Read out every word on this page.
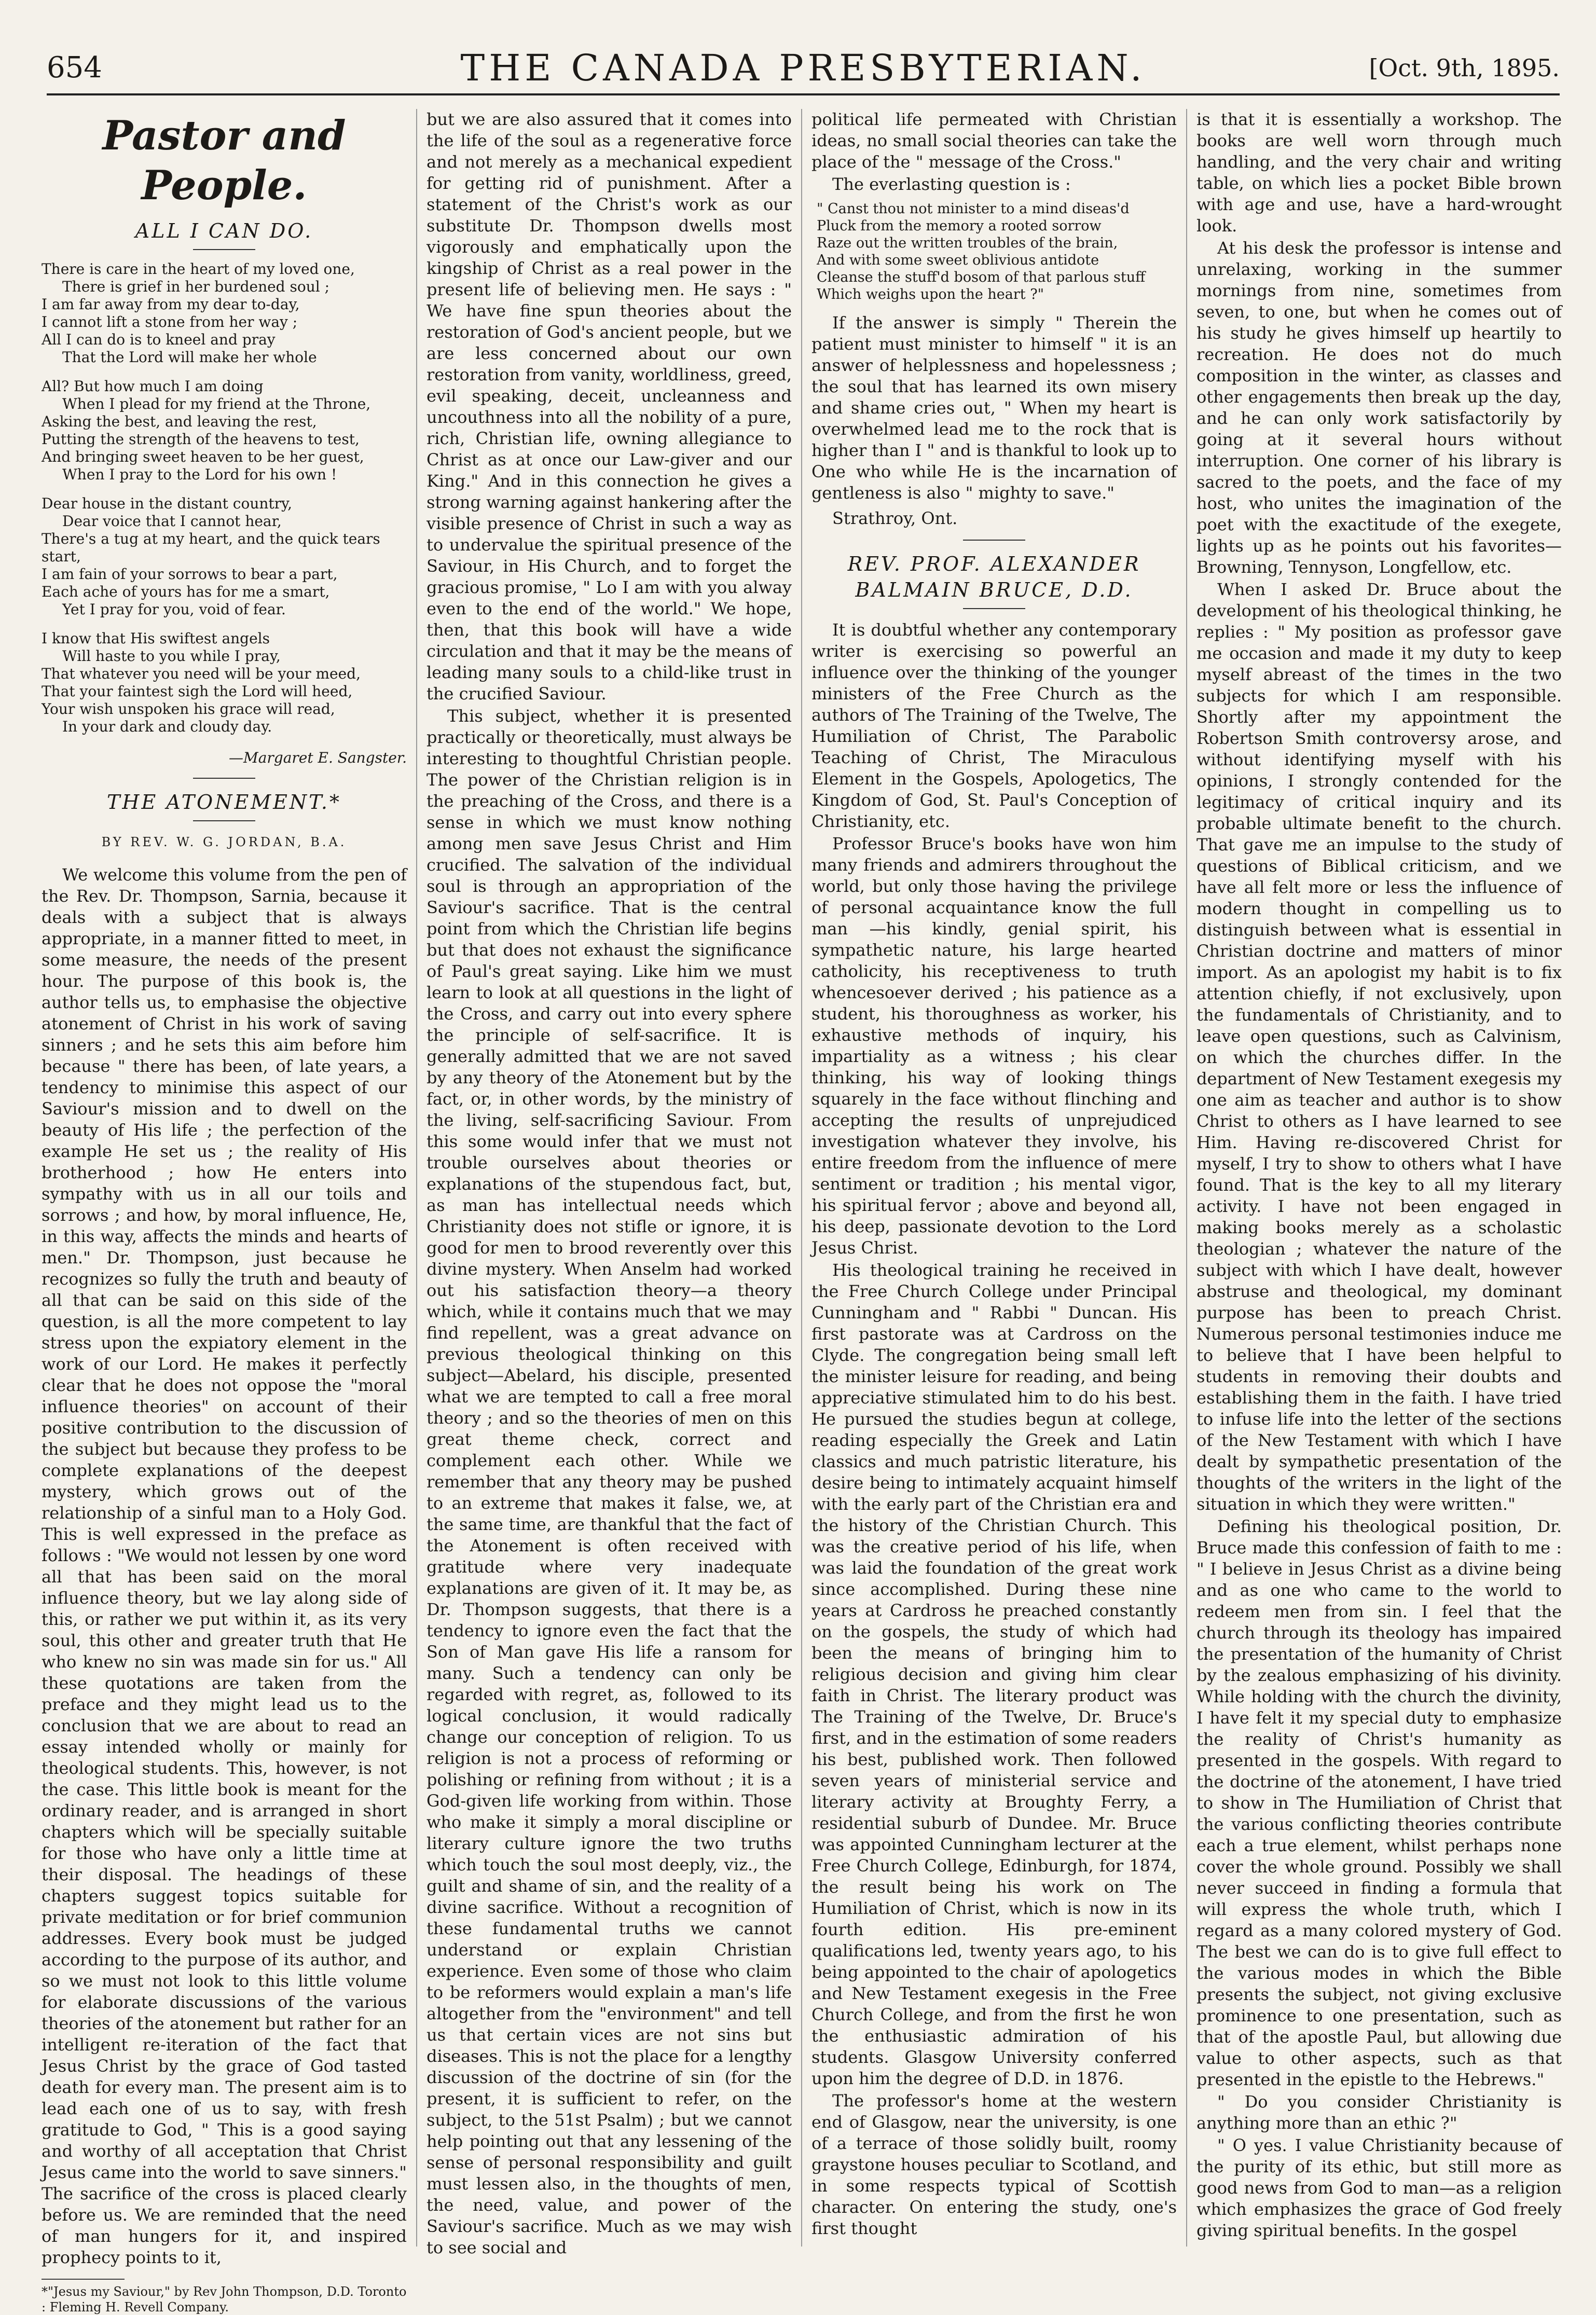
654	THE CANADA PRESBYTERIAN.	[Oct. 9th, 1895.
Pastor and People.
ALL I CAN DO.
There is care in the heart of my loved one,
There is grief in her burdened soul ;
I am far away from my dear to-day,
I cannot lift a stone from her way ;
All I can do is to kneel and pray
That the Lord will make her whole
All? But how much I am doing
When I plead for my friend at the Throne,
Asking the best, and leaving the rest,
Putting the strength of the heavens to test,
And bringing sweet heaven to be her guest,
When I pray to the Lord for his own !
Dear house in the distant country,
Dear voice that I cannot hear,
There's a tug at my heart, and the quick tears start,
I am fain of your sorrows to bear a part,
Each ache of yours has for me a smart,
Yet I pray for you, void of fear.
I know that His swiftest angels
Will haste to you while I pray,
That whatever you need will be your meed,
That your faintest sigh the Lord will heed,
Your wish unspoken his grace will read,
In your dark and cloudy day.
—Margaret E. Sangster.
THE ATONEMENT.*
BY REV. W. G. JORDAN, B.A.

We welcome this volume from the pen of the Rev. Dr. Thompson, Sarnia, because it deals with a subject that is always appropriate, in a manner fitted to meet, in some measure, the needs of the present hour. The purpose of this book is, the author tells us, to emphasise the objective atonement of Christ in his work of saving sinners ; and he sets this aim before him because " there has been, of late years, a tendency to minimise this aspect of our Saviour's mission and to dwell on the beauty of His life ; the perfection of the example He set us ; the reality of His brotherhood ; how He enters into sympathy with us in all our toils and sorrows ; and how, by moral influence, He, in this way, affects the minds and hearts of men." Dr. Thompson, just because he recognizes so fully the truth and beauty of all that can be said on this side of the question, is all the more competent to lay stress upon the expiatory element in the work of our Lord. He makes it perfectly clear that he does not oppose the "moral influence theories" on account of their positive contribution to the discussion of the subject but because they profess to be complete explanations of the deepest mystery, which grows out of the relationship of a sinful man to a Holy God. This is well expressed in the preface as follows : "We would not lessen by one word all that has been said on the moral influence theory, but we lay along side of this, or rather we put within it, as its very soul, this other and greater truth that He who knew no sin was made sin for us." All these quotations are taken from the preface and they might lead us to the conclusion that we are about to read an essay intended wholly or mainly for theological students. This, however, is not the case. This little book is meant for the ordinary reader, and is arranged in short chapters which will be specially suitable for those who have only a little time at their disposal. The headings of these chapters suggest topics suitable for private meditation or for brief communion addresses. Every book must be judged according to the purpose of its author, and so we must not look to this little volume for elaborate discussions of the various theories of the atonement but rather for an intelligent re-iteration of the fact that Jesus Christ by the grace of God tasted death for every man. The present aim is to lead each one of us to say, with fresh gratitude to God, " This is a good saying and worthy of all acceptation that Christ Jesus came into the world to save sinners." The sacrifice of the cross is placed clearly before us. We are reminded that the need of man hungers for it, and inspired prophecy points to it,

*"Jesus my Saviour," by Rev John Thompson, D.D. Toronto : Fleming H. Revell Company.

but we are also assured that it comes into the life of the soul as a regenerative force and not merely as a mechanical expedient for getting rid of punishment. After a statement of the Christ's work as our substitute Dr. Thompson dwells most vigorously and emphatically upon the kingship of Christ as a real power in the present life of believing men. He says : " We have fine spun theories about the restoration of God's ancient people, but we are less concerned about our own restoration from vanity, worldliness, greed, evil speaking, deceit, uncleanness and uncouthness into all the nobility of a pure, rich, Christian life, owning allegiance to Christ as at once our Law-giver and our King." And in this connection he gives a strong warning against hankering after the visible presence of Christ in such a way as to undervalue the spiritual presence of the Saviour, in His Church, and to forget the gracious promise, " Lo I am with you alway even to the end of the world." We hope, then, that this book will have a wide circulation and that it may be the means of leading many souls to a child-like trust in the crucified Saviour.

This subject, whether it is presented practically or theoretically, must always be interesting to thoughtful Christian people. The power of the Christian religion is in the preaching of the Cross, and there is a sense in which we must know nothing among men save Jesus Christ and Him crucified. The salvation of the individual soul is through an appropriation of the Saviour's sacrifice. That is the central point from which the Christian life begins but that does not exhaust the significance of Paul's great saying. Like him we must learn to look at all questions in the light of the Cross, and carry out into every sphere the principle of self-sacrifice. It is generally admitted that we are not saved by any theory of the Atonement but by the fact, or, in other words, by the ministry of the living, self-sacrificing Saviour. From this some would infer that we must not trouble ourselves about theories or explanations of the stupendous fact, but, as man has intellectual needs which Christianity does not stifle or ignore, it is good for men to brood reverently over this divine mystery. When Anselm had worked out his satisfaction theory—a theory which, while it contains much that we may find repellent, was a great advance on previous theological thinking on this subject—Abelard, his disciple, presented what we are tempted to call a free moral theory ; and so the theories of men on this great theme check, correct and complement each other. While we remember that any theory may be pushed to an extreme that makes it false, we, at the same time, are thankful that the fact of the Atonement is often received with gratitude where very inadequate explanations are given of it. It may be, as Dr. Thompson suggests, that there is a tendency to ignore even the fact that the Son of Man gave His life a ransom for many. Such a tendency can only be regarded with regret, as, followed to its logical conclusion, it would radically change our conception of religion. To us religion is not a process of reforming or polishing or refining from without ; it is a God-given life working from within. Those who make it simply a moral discipline or literary culture ignore the two truths which touch the soul most deeply, viz., the guilt and shame of sin, and the reality of a divine sacrifice. Without a recognition of these fundamental truths we cannot understand or explain Christian experience. Even some of those who claim to be reformers would explain a man's life altogether from the "environment" and tell us that certain vices are not sins but diseases. This is not the place for a lengthy discussion of the doctrine of sin (for the present, it is sufficient to refer, on the subject, to the 51st Psalm) ; but we cannot help pointing out that any lessening of the sense of personal responsibility and guilt must lessen also, in the thoughts of men, the need, value, and power of the Saviour's sacrifice. Much as we may wish to see social and

political life permeated with Christian ideas, no small social theories can take the place of the " message of the Cross."

The everlasting question is :

" Canst thou not minister to a mind diseas'd
Pluck from the memory a rooted sorrow
Raze out the written troubles of the brain,
And with some sweet oblivious antidote
Cleanse the stuff'd bosom of that parlous stuff
Which weighs upon the heart ?"

If the answer is simply " Therein the patient must minister to himself " it is an answer of helplessness and hopelessness ; the soul that has learned its own misery and shame cries out, " When my heart is overwhelmed lead me to the rock that is higher than I " and is thankful to look up to One who while He is the incarnation of gentleness is also " mighty to save."

Strathroy, Ont.
REV. PROF. ALEXANDER BALMAIN BRUCE, D.D.

It is doubtful whether any contemporary writer is exercising so powerful an influence over the thinking of the younger ministers of the Free Church as the authors of The Training of the Twelve, The Humiliation of Christ, The Parabolic Teaching of Christ, The Miraculous Element in the Gospels, Apologetics, The Kingdom of God, St. Paul's Conception of Christianity, etc.

Professor Bruce's books have won him many friends and admirers throughout the world, but only those having the privilege of personal acquaintance know the full man —his kindly, genial spirit, his sympathetic nature, his large hearted catholicity, his receptiveness to truth whencesoever derived ; his patience as a student, his thoroughness as worker, his exhaustive methods of inquiry, his impartiality as a witness ; his clear thinking, his way of looking things squarely in the face without flinching and accepting the results of unprejudiced investigation whatever they involve, his entire freedom from the influence of mere sentiment or tradition ; his mental vigor, his spiritual fervor ; above and beyond all, his deep, passionate devotion to the Lord Jesus Christ.

His theological training he received in the Free Church College under Principal Cunningham and " Rabbi " Duncan. His first pastorate was at Cardross on the Clyde. The congregation being small left the minister leisure for reading, and being appreciative stimulated him to do his best. He pursued the studies begun at college, reading especially the Greek and Latin classics and much patristic literature, his desire being to intimately acquaint himself with the early part of the Christian era and the history of the Christian Church. This was the creative period of his life, when was laid the foundation of the great work since accomplished. During these nine years at Cardross he preached constantly on the gospels, the study of which had been the means of bringing him to religious decision and giving him clear faith in Christ. The literary product was The Training of the Twelve, Dr. Bruce's first, and in the estimation of some readers his best, published work. Then followed seven years of ministerial service and literary activity at Broughty Ferry, a residential suburb of Dundee. Mr. Bruce was appointed Cunningham lecturer at the Free Church College, Edinburgh, for 1874, the result being his work on The Humiliation of Christ, which is now in its fourth edition. His pre-eminent qualifications led, twenty years ago, to his being appointed to the chair of apologetics and New Testament exegesis in the Free Church College, and from the first he won the enthusiastic admiration of his students. Glasgow University conferred upon him the degree of D.D. in 1876.

The professor's home at the western end of Glasgow, near the university, is one of a terrace of those solidly built, roomy graystone houses peculiar to Scotland, and in some respects typical of Scottish character. On entering the study, one's first thought

is that it is essentially a workshop. The books are well worn through much handling, and the very chair and writing table, on which lies a pocket Bible brown with age and use, have a hard-wrought look.

At his desk the professor is intense and unrelaxing, working in the summer mornings from nine, sometimes from seven, to one, but when he comes out of his study he gives himself up heartily to recreation. He does not do much composition in the winter, as classes and other engagements then break up the day, and he can only work satisfactorily by going at it several hours without interruption. One corner of his library is sacred to the poets, and the face of my host, who unites the imagination of the poet with the exactitude of the exegete, lights up as he points out his favorites—Browning, Tennyson, Longfellow, etc.

When I asked Dr. Bruce about the development of his theological thinking, he replies : " My position as professor gave me occasion and made it my duty to keep myself abreast of the times in the two subjects for which I am responsible. Shortly after my appointment the Robertson Smith controversy arose, and without identifying myself with his opinions, I strongly contended for the legitimacy of critical inquiry and its probable ultimate benefit to the church. That gave me an impulse to the study of questions of Biblical criticism, and we have all felt more or less the influence of modern thought in compelling us to distinguish between what is essential in Christian doctrine and matters of minor import. As an apologist my habit is to fix attention chiefly, if not exclusively, upon the fundamentals of Christianity, and to leave open questions, such as Calvinism, on which the churches differ. In the department of New Testament exegesis my one aim as teacher and author is to show Christ to others as I have learned to see Him. Having re-discovered Christ for myself, I try to show to others what I have found. That is the key to all my literary activity. I have not been engaged in making books merely as a scholastic theologian ; whatever the nature of the subject with which I have dealt, however abstruse and theological, my dominant purpose has been to preach Christ. Numerous personal testimonies induce me to believe that I have been helpful to students in removing their doubts and establishing them in the faith. I have tried to infuse life into the letter of the sections of the New Testament with which I have dealt by sympathetic presentation of the thoughts of the writers in the light of the situation in which they were written."

Defining his theological position, Dr. Bruce made this confession of faith to me : " I believe in Jesus Christ as a divine being and as one who came to the world to redeem men from sin. I feel that the church through its theology has impaired the presentation of the humanity of Christ by the zealous emphasizing of his divinity. While holding with the church the divinity, I have felt it my special duty to emphasize the reality of Christ's humanity as presented in the gospels. With regard to the doctrine of the atonement, I have tried to show in The Humiliation of Christ that the various conflicting theories contribute each a true element, whilst perhaps none cover the whole ground. Possibly we shall never succeed in finding a formula that will express the whole truth, which I regard as a many colored mystery of God. The best we can do is to give full effect to the various modes in which the Bible presents the subject, not giving exclusive prominence to one presentation, such as that of the apostle Paul, but allowing due value to other aspects, such as that presented in the epistle to the Hebrews."

" Do you consider Christianity is anything more than an ethic ?"

" O yes. I value Christianity because of the purity of its ethic, but still more as good news from God to man—as a religion which emphasizes the grace of God freely giving spiritual benefits. In the gospel
